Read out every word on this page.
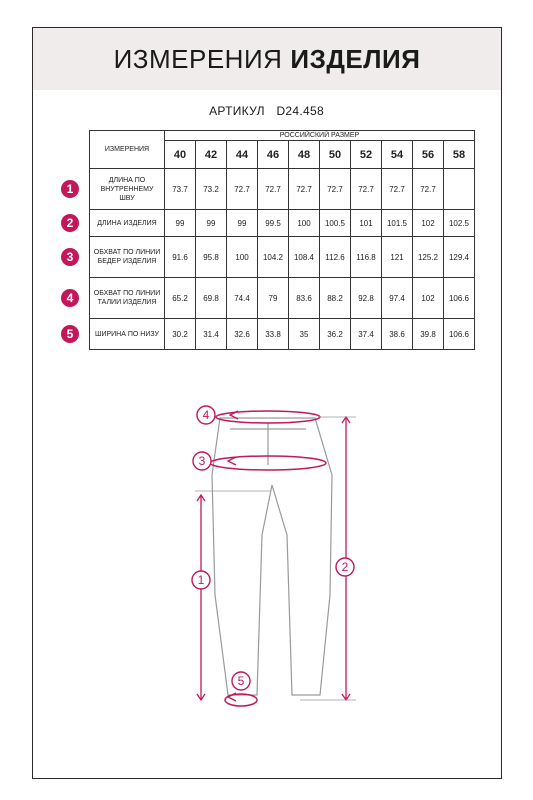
ИЗМЕРЕНИЯ ИЗДЕЛИЯ
АРТИКУЛ D24.458
ИЗМЕРЕНИЯ	РОССИЙСКИЙ РАЗМЕР									
	40	42	44	46	48	50	52	54	56	58
ДЛИНА ПО ВНУТРЕННЕМУ ШВУ	73.7	73.2	72.7	72.7	72.7	72.7	72.7	72.7	72.7	
ДЛИНА ИЗДЕЛИЯ	99	99	99	99.5	100	100.5	101	101.5	102	102.5
ОБХВАТ ПО ЛИНИИ БЕДЕР ИЗДЕЛИЯ	91.6	95.8	100	104.2	108.4	112.6	116.8	121	125.2	129.4
ОБХВАТ ПО ЛИНИИ ТАЛИИ ИЗДЕЛИЯ	65.2	69.8	74.4	79	83.6	88.2	92.8	97.4	102	106.6
ШИРИНА ПО НИЗУ	30.2	31.4	32.6	33.8	35	36.2	37.4	38.6	39.8	106.6
1
2
3
4
5
4
3
1
2
5
